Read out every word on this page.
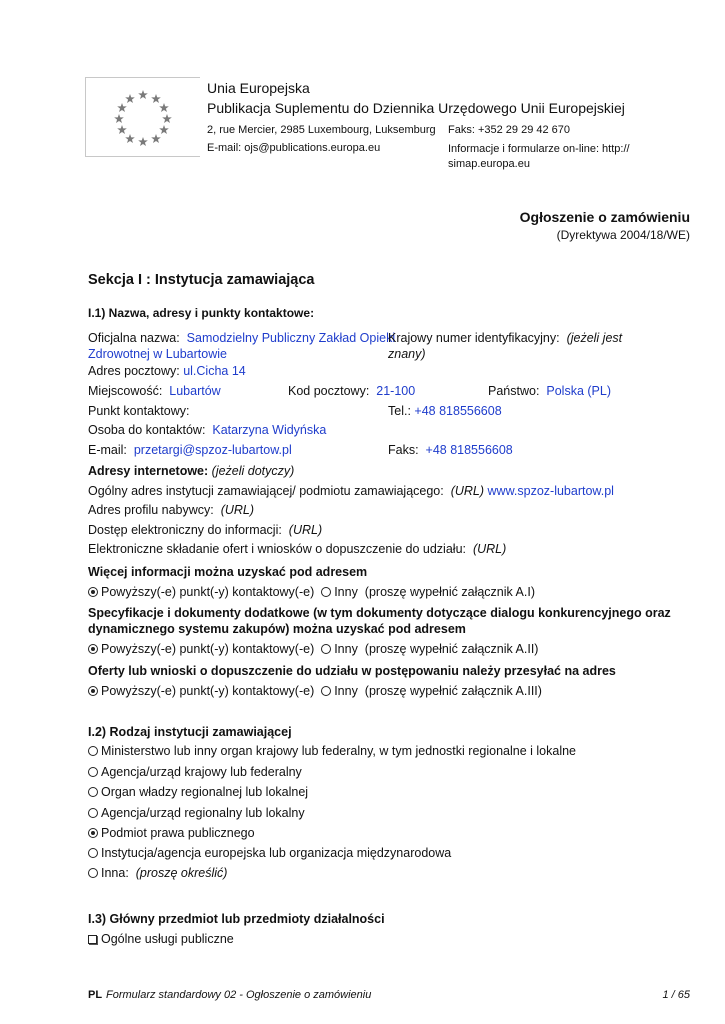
Unia Europejska
Publikacja Suplementu do Dziennika Urzędowego Unii Europejskiej
2, rue Mercier, 2985 Luxembourg, Luksemburg Faks: +352 29 29 42 670
E-mail: ojs@publications.europa.eu	Informacje i formularze on-line: http://
simap.europa.eu
Ogłoszenie o zamówieniu
(Dyrektywa 2004/18/WE)
Sekcja I : Instytucja zamawiająca
I.1) Nazwa, adresy i punkty kontaktowe:
Oficjalna nazwa: Samodzielny Publiczny Zakład Opieki
Zdrowotnej w Lubartowie
Krajowy numer identyfikacyjny: (jeżeli jest
znany)
Adres pocztowy: ul.Cicha 14
Miejscowość: Lubartów	Kod pocztowy: 21-100	Państwo: Polska (PL)
Punkt kontaktowy:	Tel.: +48 818556608
Osoba do kontaktów: Katarzyna Widyńska
E-mail: przetargi@spzoz-lubartow.pl	Faks: +48 818556608
Adresy internetowe: (jeżeli dotyczy)
Ogólny adres instytucji zamawiającej/ podmiotu zamawiającego: (URL) www.spzoz-lubartow.pl
Adres profilu nabywcy: (URL)
Dostęp elektroniczny do informacji: (URL)
Elektroniczne składanie ofert i wniosków o dopuszczenie do udziału: (URL)
Więcej informacji można uzyskać pod adresem
Powyższy(-e) punkt(-y) kontaktowy(-e) Inny (proszę wypełnić załącznik A.I)
Specyfikacje i dokumenty dodatkowe (w tym dokumenty dotyczące dialogu konkurencyjnego oraz
dynamicznego systemu zakupów) można uzyskać pod adresem
Powyższy(-e) punkt(-y) kontaktowy(-e) Inny (proszę wypełnić załącznik A.II)
Oferty lub wnioski o dopuszczenie do udziału w postępowaniu należy przesyłać na adres
Powyższy(-e) punkt(-y) kontaktowy(-e) Inny (proszę wypełnić załącznik A.III)
I.2) Rodzaj instytucji zamawiającej
Ministerstwo lub inny organ krajowy lub federalny, w tym jednostki regionalne i lokalne
Agencja/urząd krajowy lub federalny
Organ władzy regionalnej lub lokalnej
Agencja/urząd regionalny lub lokalny
Podmiot prawa publicznego
Instytucja/agencja europejska lub organizacja międzynarodowa
Inna: (proszę określić)
I.3) Główny przedmiot lub przedmioty działalności
Ogólne usługi publiczne
PL Formularz standardowy 02 - Ogłoszenie o zamówieniu	1 / 65
